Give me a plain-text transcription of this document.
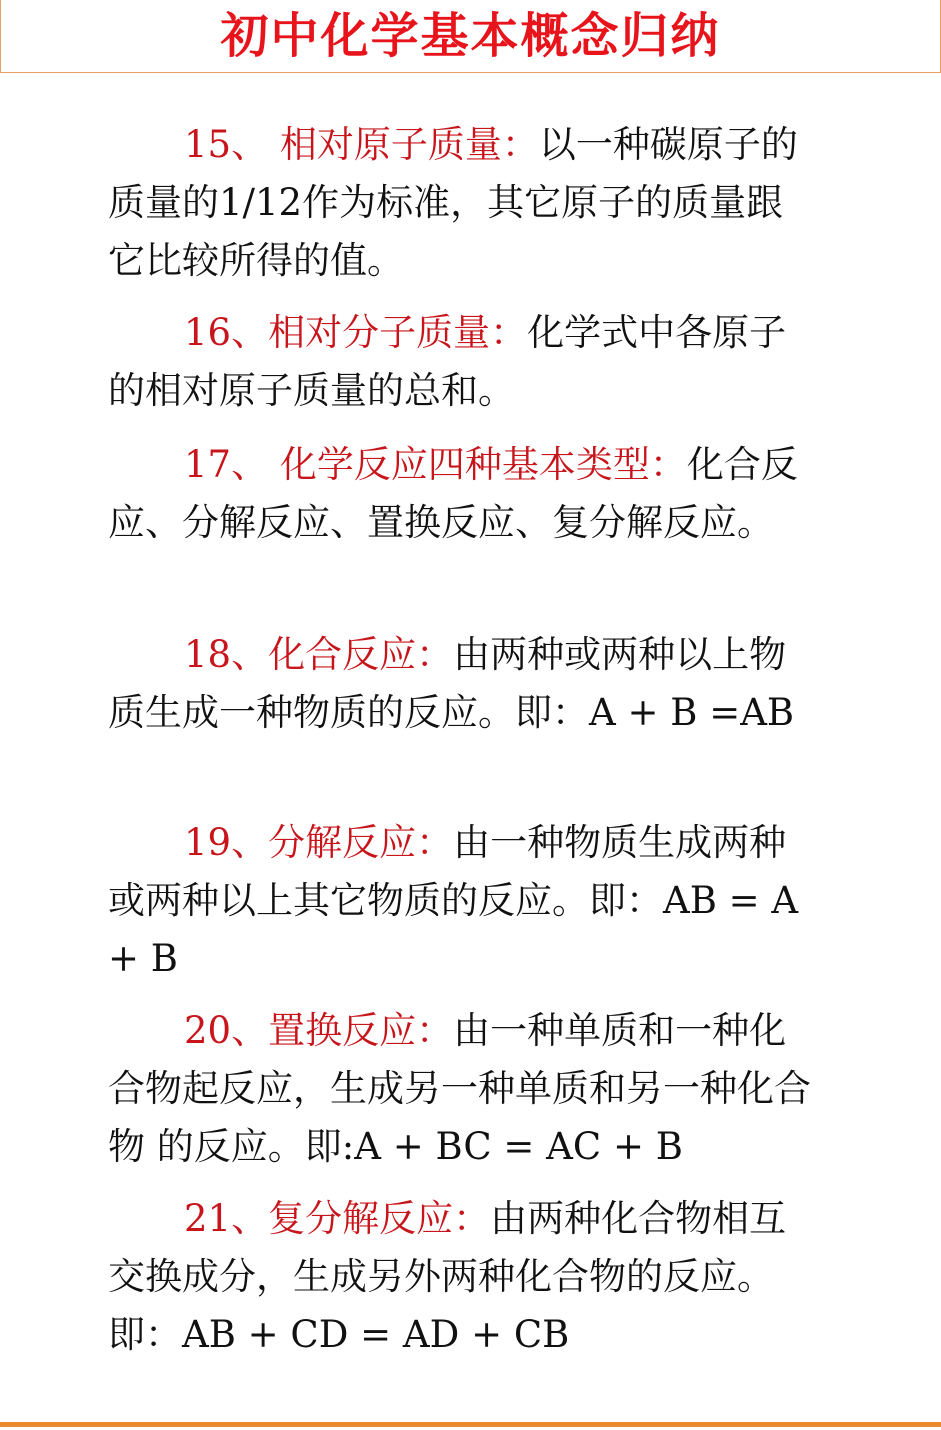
初中化学基本概念归纳

15、 相对原子质量：以一种碳原子的质量的1/12作为标准，其它原子的质量跟它比较所得的值。

16、相对分子质量：化学式中各原子的相对原子质量的总和。

17、 化学反应四种基本类型：化合反应、分解反应、置换反应、复分解反应。

18、化合反应：由两种或两种以上物质生成一种物质的反应。即：A + B =AB

19、分解反应：由一种物质生成两种或两种以上其它物质的反应。即：AB = A + B

20、置换反应：由一种单质和一种化合物起反应，生成另一种单质和另一种化合物 的反应。即:A + BC = AC + B

21、复分解反应：由两种化合物相互交换成分，生成另外两种化合物的反应。即：AB + CD = AD + CB
